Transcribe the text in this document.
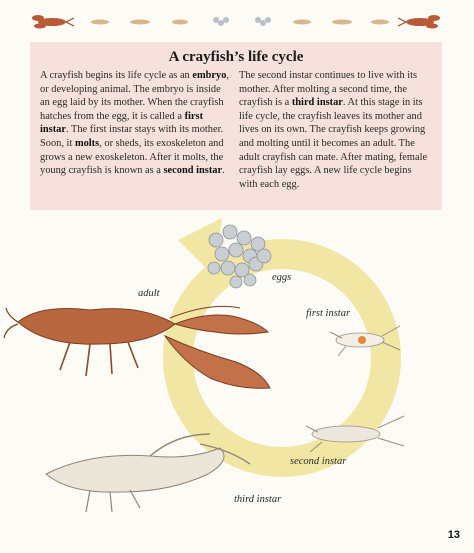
A crayfish’s life cycle

A crayfish begins its life cycle as an embryo, or developing animal. The embryo is inside an egg laid by its mother. When the crayfish hatches from the egg, it is called a first instar. The first instar stays with its mother. Soon, it molts, or sheds, its exoskeleton and grows a new exoskeleton. After it molts, the young crayfish is known as a second instar.

The second instar continues to live with its mother. After molting a second time, the crayfish is a third instar. At this stage in its life cycle, the crayfish leaves its mother and lives on its own. The crayfish keeps growing and molting until it becomes an adult. The adult crayfish can mate. After mating, female crayfish lay eggs. A new life cycle begins with each egg.

adult
eggs
first instar
second instar
third instar
13
